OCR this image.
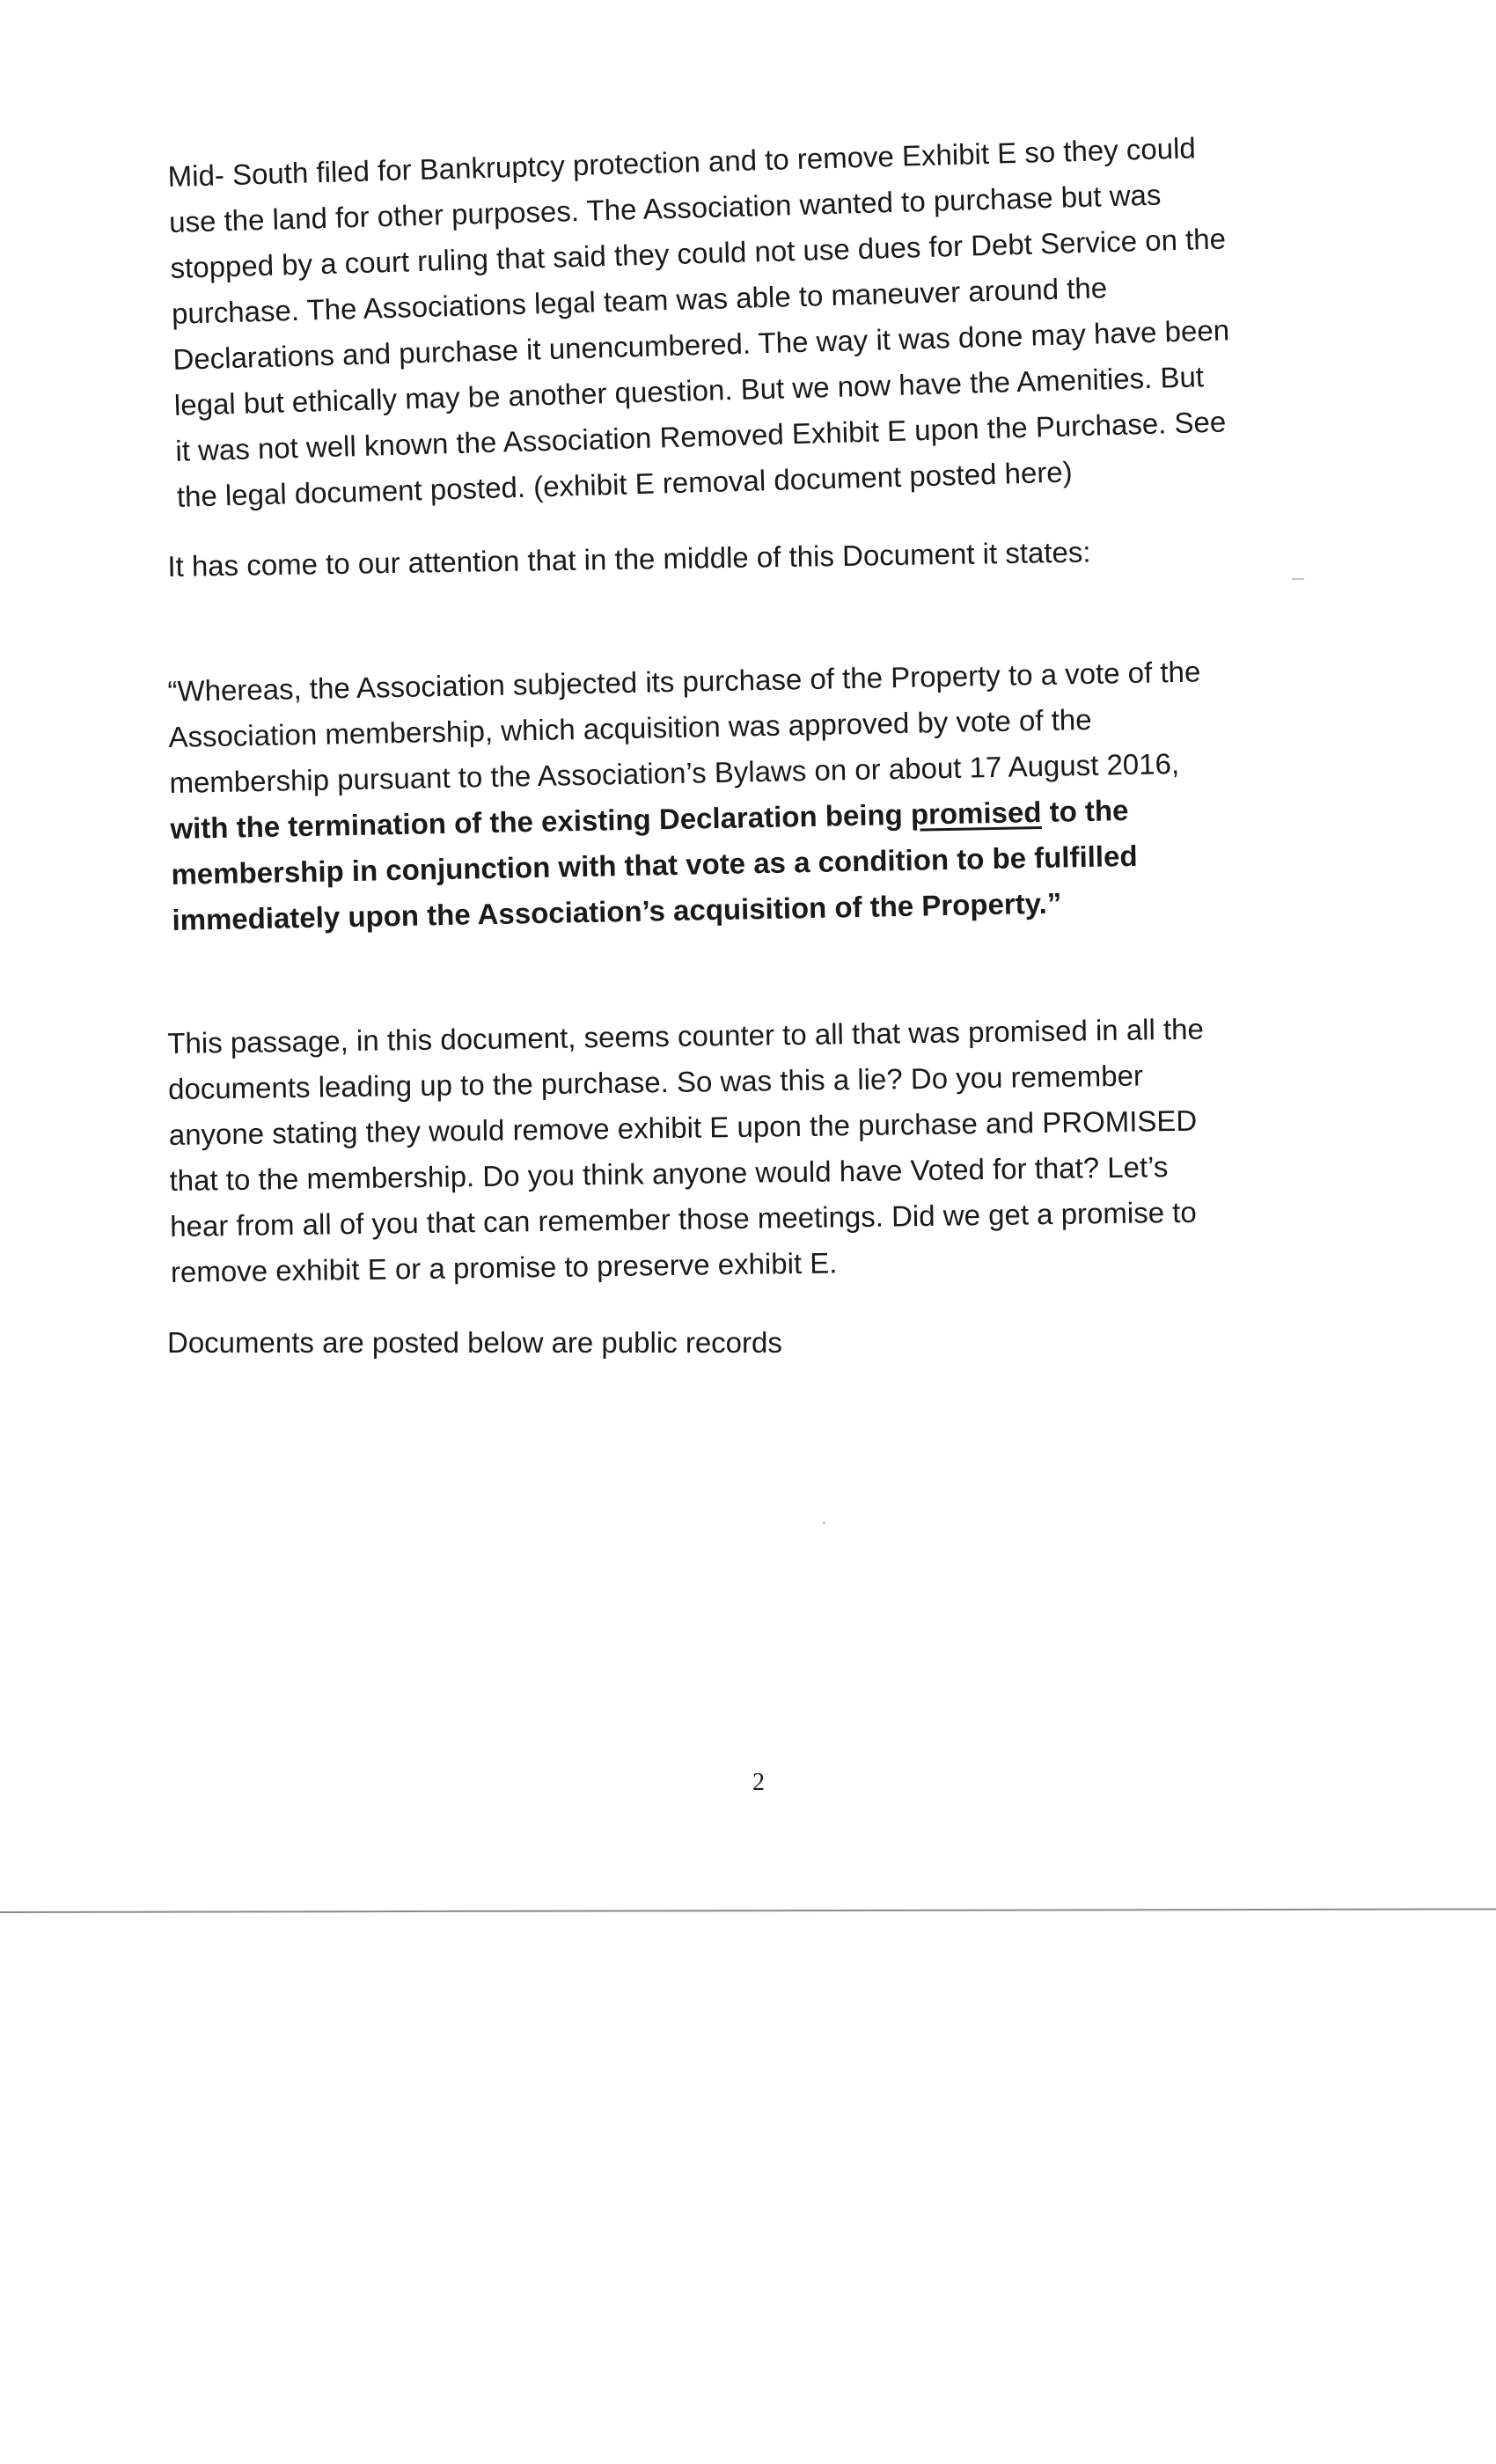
Mid- South filed for Bankruptcy protection and to remove Exhibit E so they could
use the land for other purposes. The Association wanted to purchase but was
stopped by a court ruling that said they could not use dues for Debt Service on the
purchase. The Associations legal team was able to maneuver around the
Declarations and purchase it unencumbered. The way it was done may have been
legal but ethically may be another question. But we now have the Amenities. But
it was not well known the Association Removed Exhibit E upon the Purchase. See
the legal document posted. (exhibit E removal document posted here)
It has come to our attention that in the middle of this Document it states:
“Whereas, the Association subjected its purchase of the Property to a vote of the
Association membership, which acquisition was approved by vote of the
membership pursuant to the Association’s Bylaws on or about 17 August 2016,
with the termination of the existing Declaration being promised to the
membership in conjunction with that vote as a condition to be fulfilled
immediately upon the Association’s acquisition of the Property.”
This passage, in this document, seems counter to all that was promised in all the
documents leading up to the purchase. So was this a lie? Do you remember
anyone stating they would remove exhibit E upon the purchase and PROMISED
that to the membership. Do you think anyone would have Voted for that? Let’s
hear from all of you that can remember those meetings. Did we get a promise to
remove exhibit E or a promise to preserve exhibit E.
Documents are posted below are public records
2
